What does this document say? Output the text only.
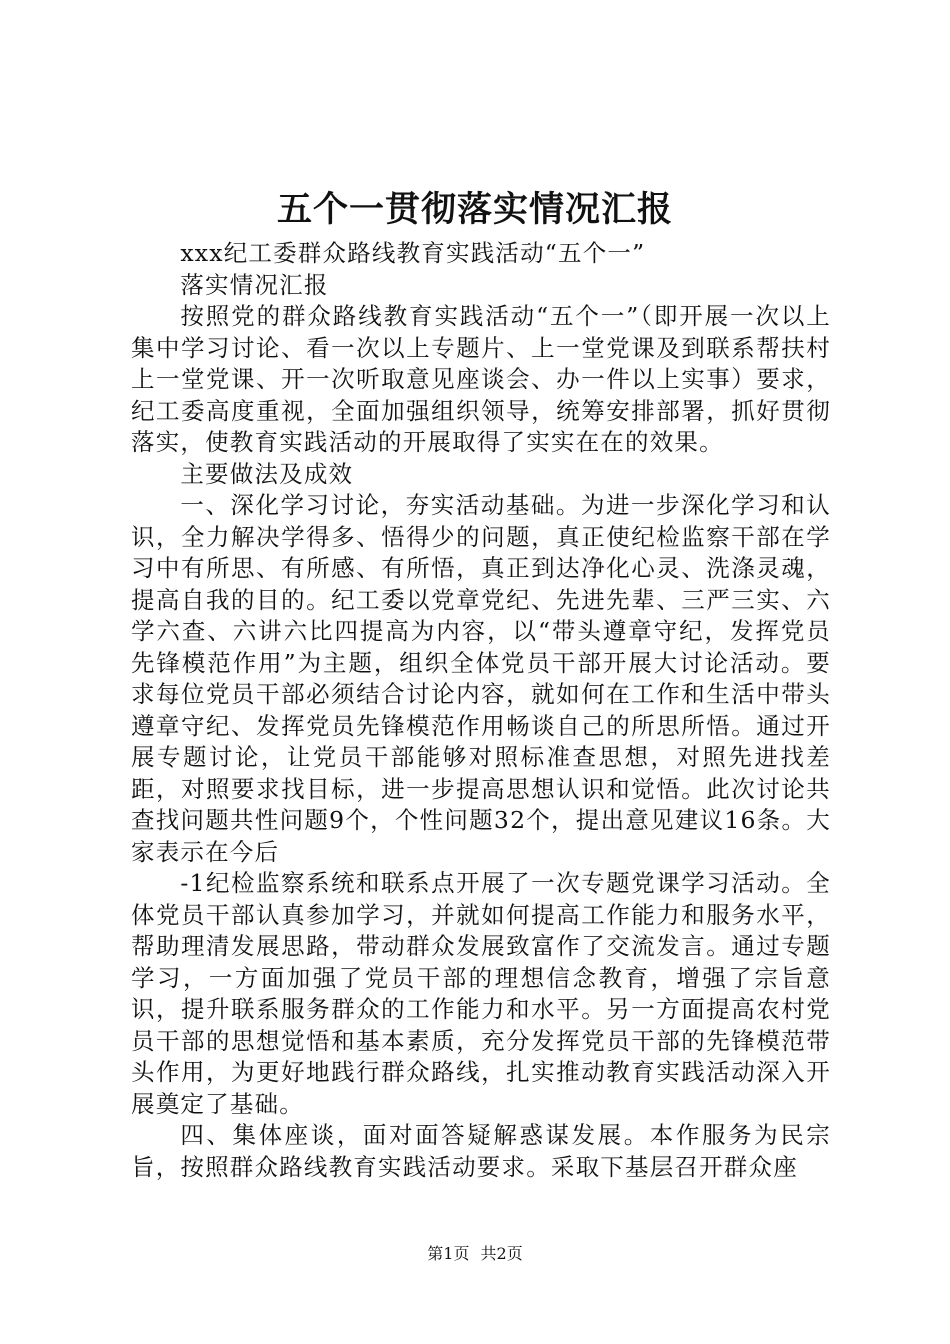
五个一贯彻落实情况汇报

xxx纪工委群众路线教育实践活动“五个一”

落实情况汇报

按照党的群众路线教育实践活动“五个一”（即开展一次以上集中学习讨论、看一次以上专题片、上一堂党课及到联系帮扶村上一堂党课、开一次听取意见座谈会、办一件以上实事）要求，纪工委高度重视，全面加强组织领导，统筹安排部署，抓好贯彻落实，使教育实践活动的开展取得了实实在在的效果。

主要做法及成效

一、深化学习讨论，夯实活动基础。为进一步深化学习和认识，全力解决学得多、悟得少的问题，真正使纪检监察干部在学习中有所思、有所感、有所悟，真正到达净化心灵、洗涤灵魂，提高自我的目的。纪工委以党章党纪、先进先辈、三严三实、六学六查、六讲六比四提高为内容，以“带头遵章守纪，发挥党员先锋模范作用”为主题，组织全体党员干部开展大讨论活动。要求每位党员干部必须结合讨论内容，就如何在工作和生活中带头遵章守纪、发挥党员先锋模范作用畅谈自己的所思所悟。通过开展专题讨论，让党员干部能够对照标准查思想，对照先进找差距，对照要求找目标，进一步提高思想认识和觉悟。此次讨论共查找问题共性问题9个，个性问题32个，提出意见建议16条。大家表示在今后

-1纪检监察系统和联系点开展了一次专题党课学习活动。全体党员干部认真参加学习，并就如何提高工作能力和服务水平，帮助理清发展思路，带动群众发展致富作了交流发言。通过专题学习，一方面加强了党员干部的理想信念教育，增强了宗旨意识，提升联系服务群众的工作能力和水平。另一方面提高农村党员干部的思想觉悟和基本素质，充分发挥党员干部的先锋模范带头作用，为更好地践行群众路线，扎实推动教育实践活动深入开展奠定了基础。

四、集体座谈，面对面答疑解惑谋发展。本作服务为民宗旨，按照群众路线教育实践活动要求。采取下基层召开群众座

第1页 共2页
